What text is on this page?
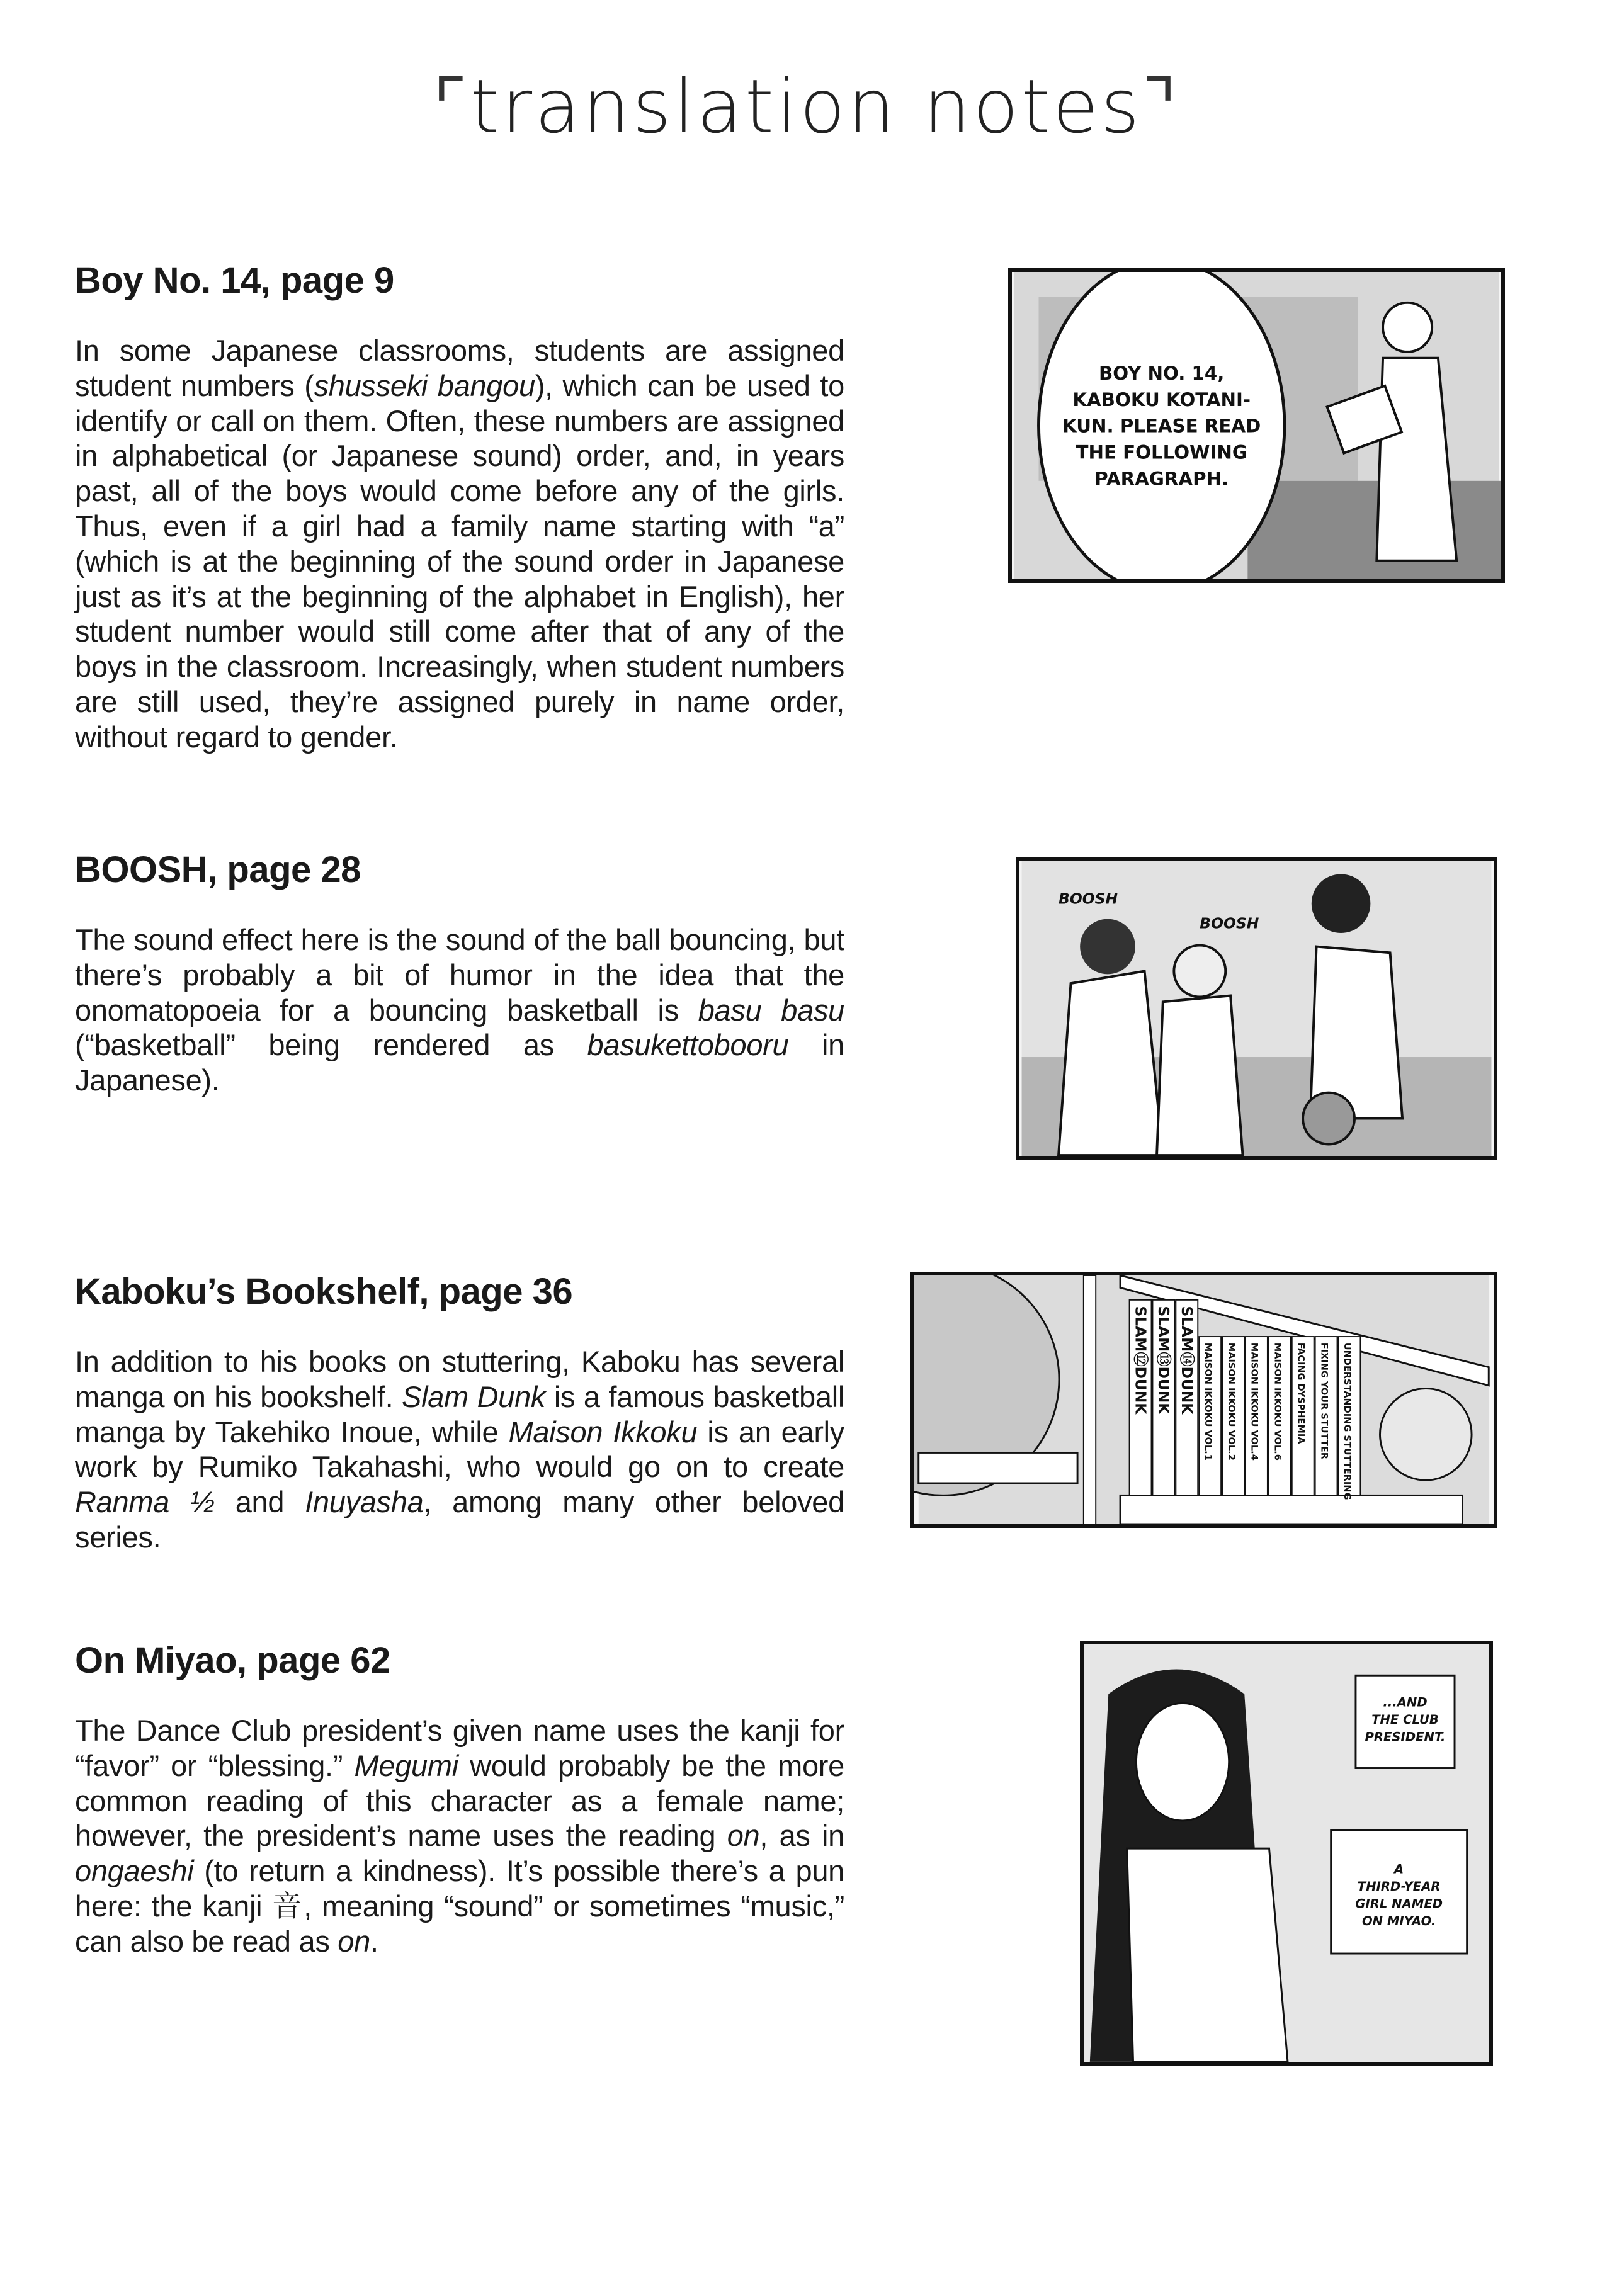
⌜translation notes⌝
Boy No. 14, page 9

In some Japanese classrooms, students are assigned student numbers (shusseki bangou), which can be used to identify or call on them. Often, these numbers are assigned in alphabetical (or Japanese sound) order, and, in years past, all of the boys would come before any of the girls. Thus, even if a girl had a family name starting with “a” (which is at the beginning of the sound order in Japanese just as it’s at the beginning of the alphabet in English), her student number would still come after that of any of the boys in the classroom. Increasingly, when student numbers are still used, they’re assigned purely in name order, without regard to gender.

BOY NO. 14,
KABOKU KOTANI-
KUN. PLEASE READ
THE FOLLOWING
PARAGRAPH.
BOOSH, page 28

The sound effect here is the sound of the ball bouncing, but there’s probably a bit of humor in the idea that the onomatopoeia for a bouncing basketball is basu basu (“basketball” being rendered as basukettobooru in Japanese).

BOOSH
BOOSH
Kaboku’s Bookshelf, page 36

In addition to his books on stuttering, Kaboku has several manga on his bookshelf. Slam Dunk is a famous basketball manga by Takehiko Inoue, while Maison Ikkoku is an early work by Rumiko Takahashi, who would go on to create Ranma ½ and Inuyasha, among many other beloved series.

SLAM⑫DUNK SLAM⑬DUNK SLAM⑭DUNK MAISON IKKOKU VOL.1 MAISON IKKOKU VOL.2 MAISON IKKOKU VOL.4 MAISON IKKOKU VOL.6 FACING DYSPHEMIA FIXING YOUR STUTTER UNDERSTANDING STUTTERING
On Miyao, page 62

The Dance Club president’s given name uses the kanji for “favor” or “blessing.” Megumi would probably be the more common reading of this character as a female name; however, the president’s name uses the reading on, as in ongaeshi (to return a kindness). It’s possible there’s a pun here: the kanji 音, meaning “sound” or sometimes “music,” can also be read as on.

...AND
THE CLUB
PRESIDENT.
A
THIRD-YEAR
GIRL NAMED
ON MIYAO.
